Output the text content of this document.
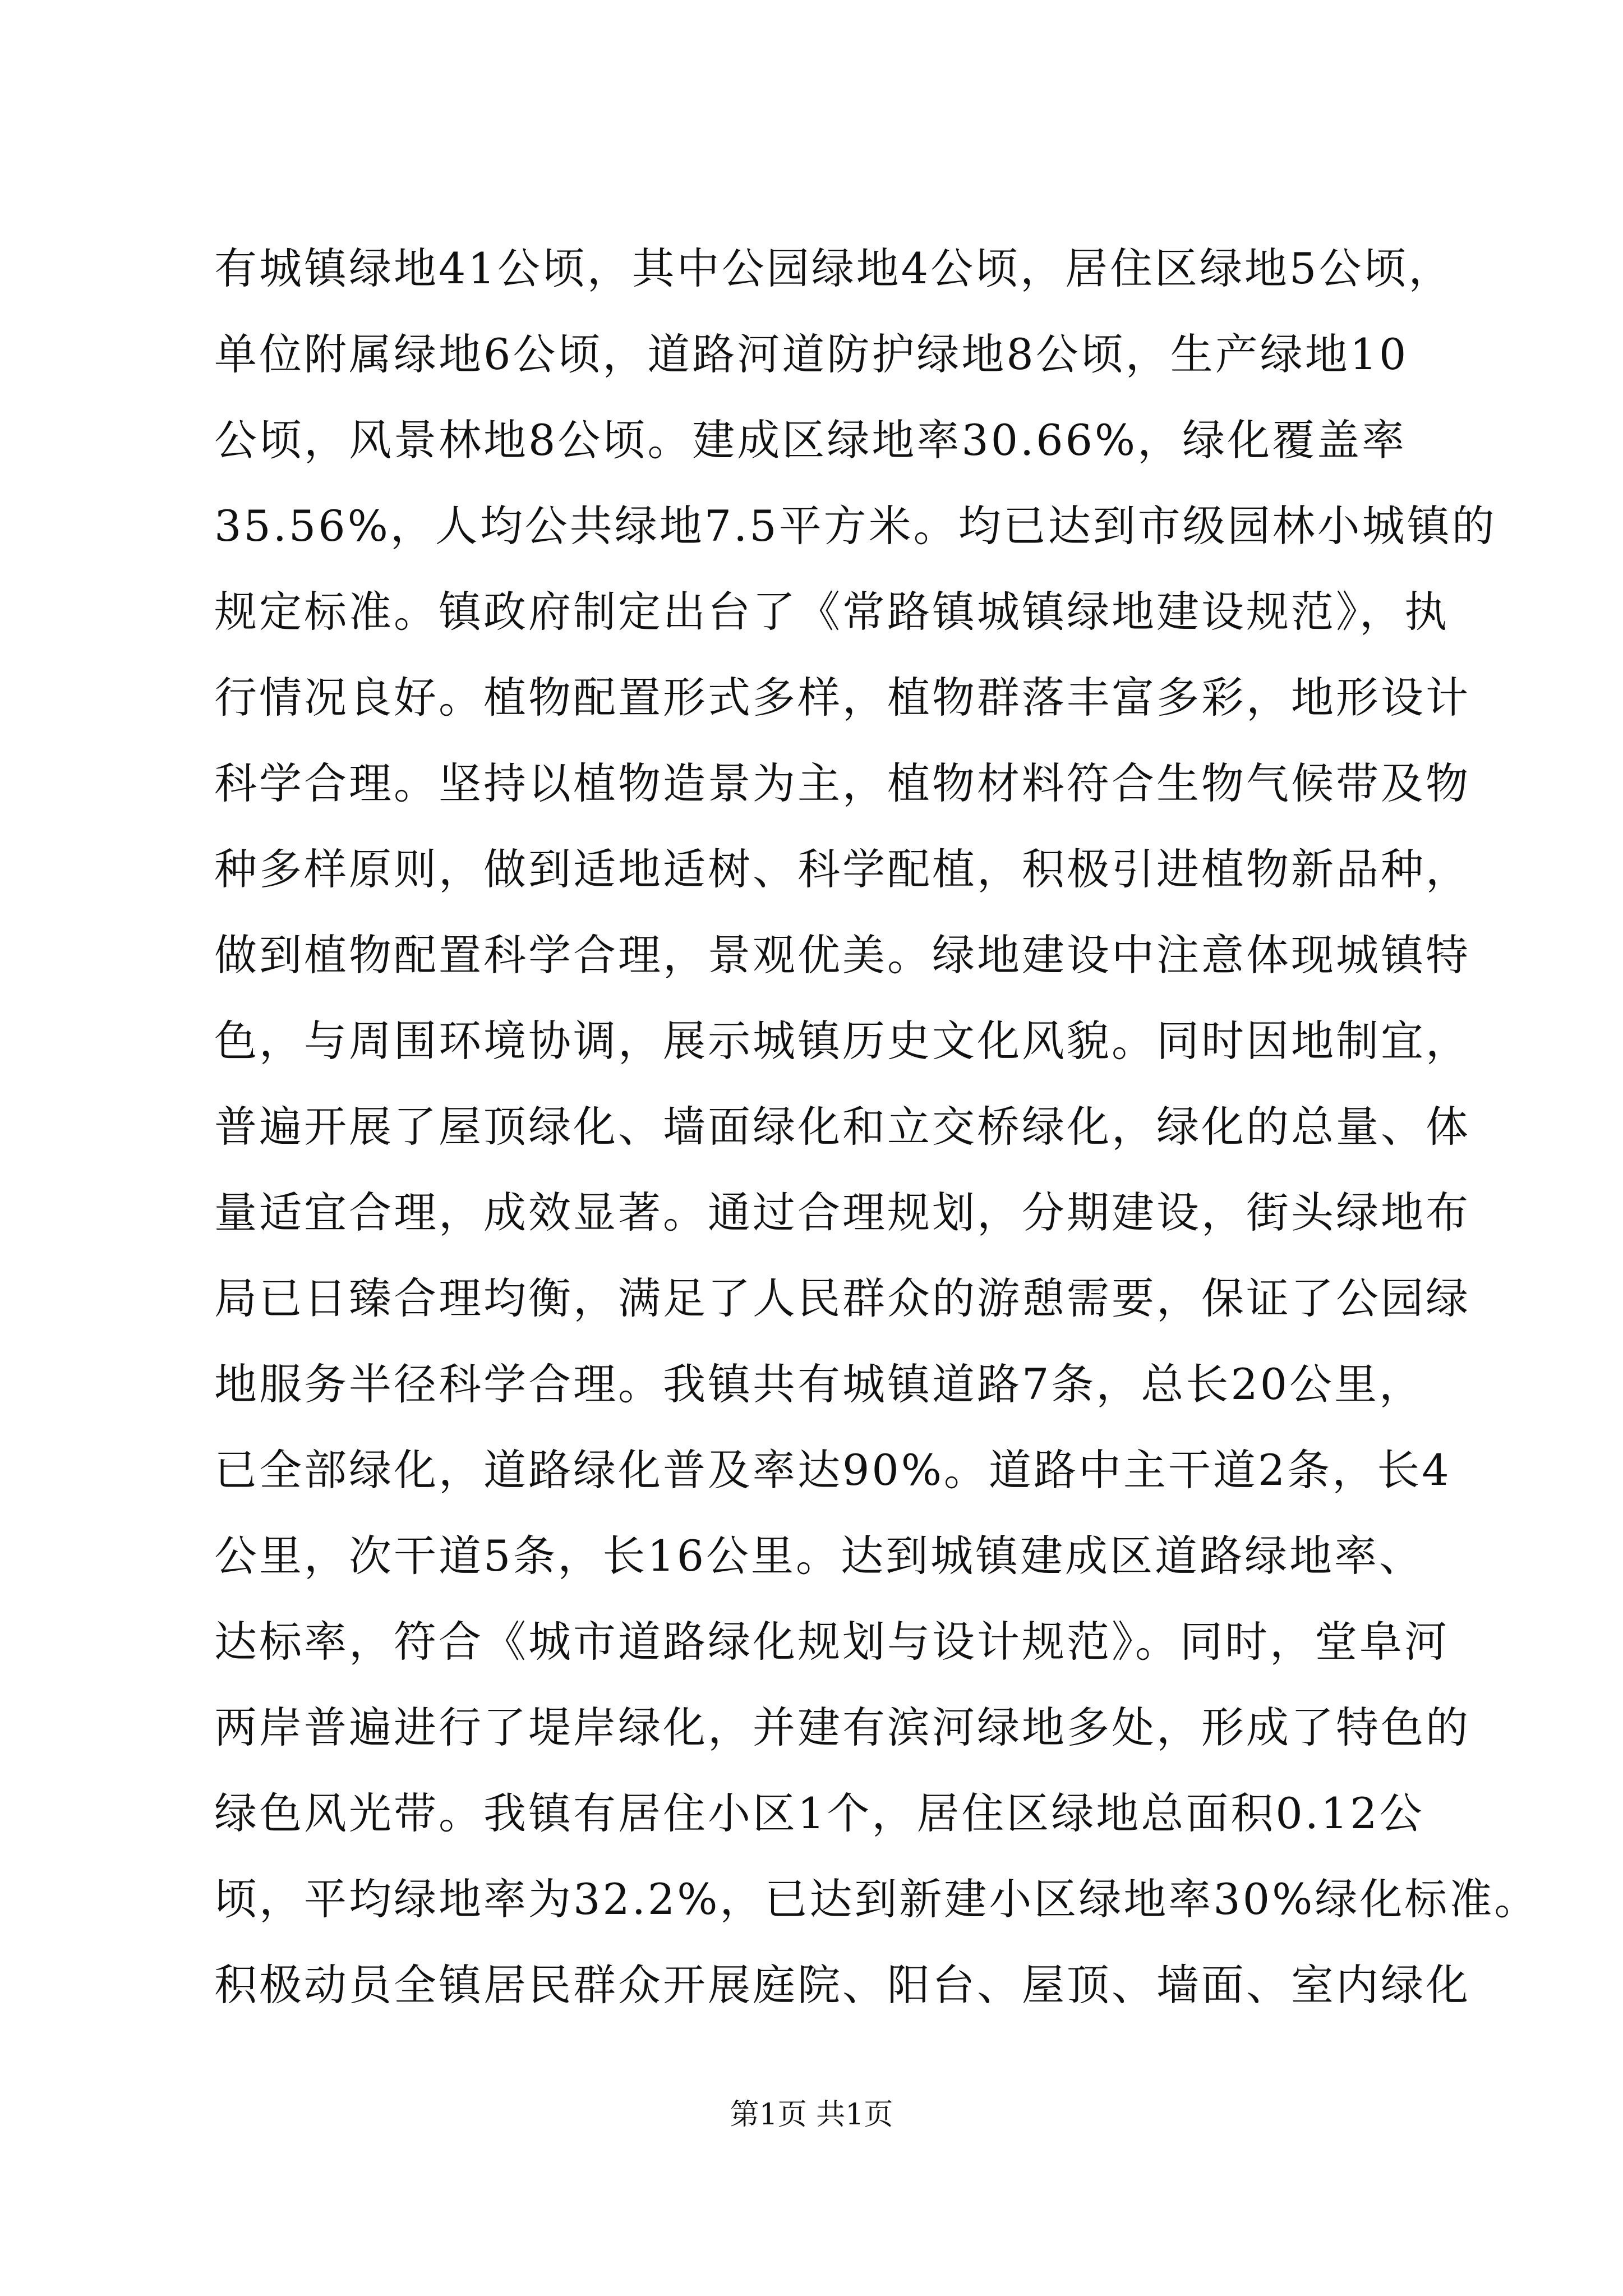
有城镇绿地41公顷，其中公园绿地4公顷，居住区绿地5公顷，
单位附属绿地6公顷，道路河道防护绿地8公顷，生产绿地10
公顷，风景林地8公顷。建成区绿地率30.66%，绿化覆盖率
35.56%，人均公共绿地7.5平方米。均已达到市级园林小城镇的
规定标准。镇政府制定出台了《常路镇城镇绿地建设规范》，执
行情况良好。植物配置形式多样，植物群落丰富多彩，地形设计
科学合理。坚持以植物造景为主，植物材料符合生物气候带及物
种多样原则，做到适地适树、科学配植，积极引进植物新品种，
做到植物配置科学合理，景观优美。绿地建设中注意体现城镇特
色，与周围环境协调，展示城镇历史文化风貌。同时因地制宜，
普遍开展了屋顶绿化、墙面绿化和立交桥绿化，绿化的总量、体
量适宜合理，成效显著。通过合理规划，分期建设，街头绿地布
局已日臻合理均衡，满足了人民群众的游憩需要，保证了公园绿
地服务半径科学合理。我镇共有城镇道路7条，总长20公里，
已全部绿化，道路绿化普及率达90%。道路中主干道2条，长4
公里，次干道5条，长16公里。达到城镇建成区道路绿地率、
达标率，符合《城市道路绿化规划与设计规范》。同时，堂阜河
两岸普遍进行了堤岸绿化，并建有滨河绿地多处，形成了特色的
绿色风光带。我镇有居住小区1个，居住区绿地总面积0.12公
顷，平均绿地率为32.2%，已达到新建小区绿地率30%绿化标准。
积极动员全镇居民群众开展庭院、阳台、屋顶、墙面、室内绿化
第1页 共1页
